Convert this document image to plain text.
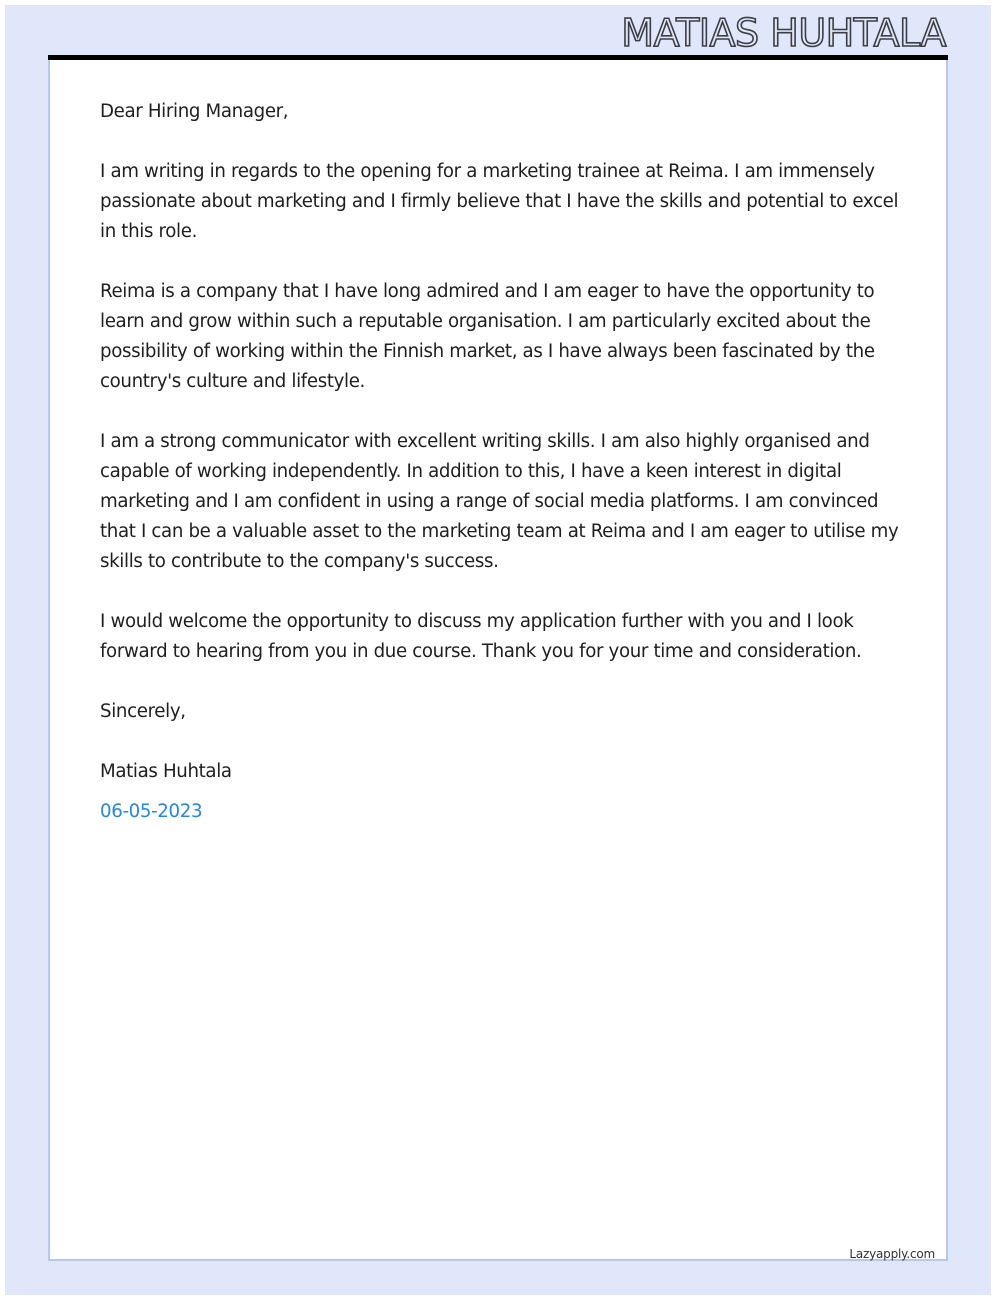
MATIAS HUHTALA

Dear Hiring Manager,

I am writing in regards to the opening for a marketing trainee at Reima. I am immensely passionate about marketing and I firmly believe that I have the skills and potential to excel in this role.

Reima is a company that I have long admired and I am eager to have the opportunity to learn and grow within such a reputable organisation. I am particularly excited about the possibility of working within the Finnish market, as I have always been fascinated by the country's culture and lifestyle.

I am a strong communicator with excellent writing skills. I am also highly organised and capable of working independently. In addition to this, I have a keen interest in digital marketing and I am confident in using a range of social media platforms. I am convinced that I can be a valuable asset to the marketing team at Reima and I am eager to utilise my skills to contribute to the company's success.

I would welcome the opportunity to discuss my application further with you and I look forward to hearing from you in due course. Thank you for your time and consideration.

Sincerely,

Matias Huhtala

06-05-2023

Lazyapply.com
